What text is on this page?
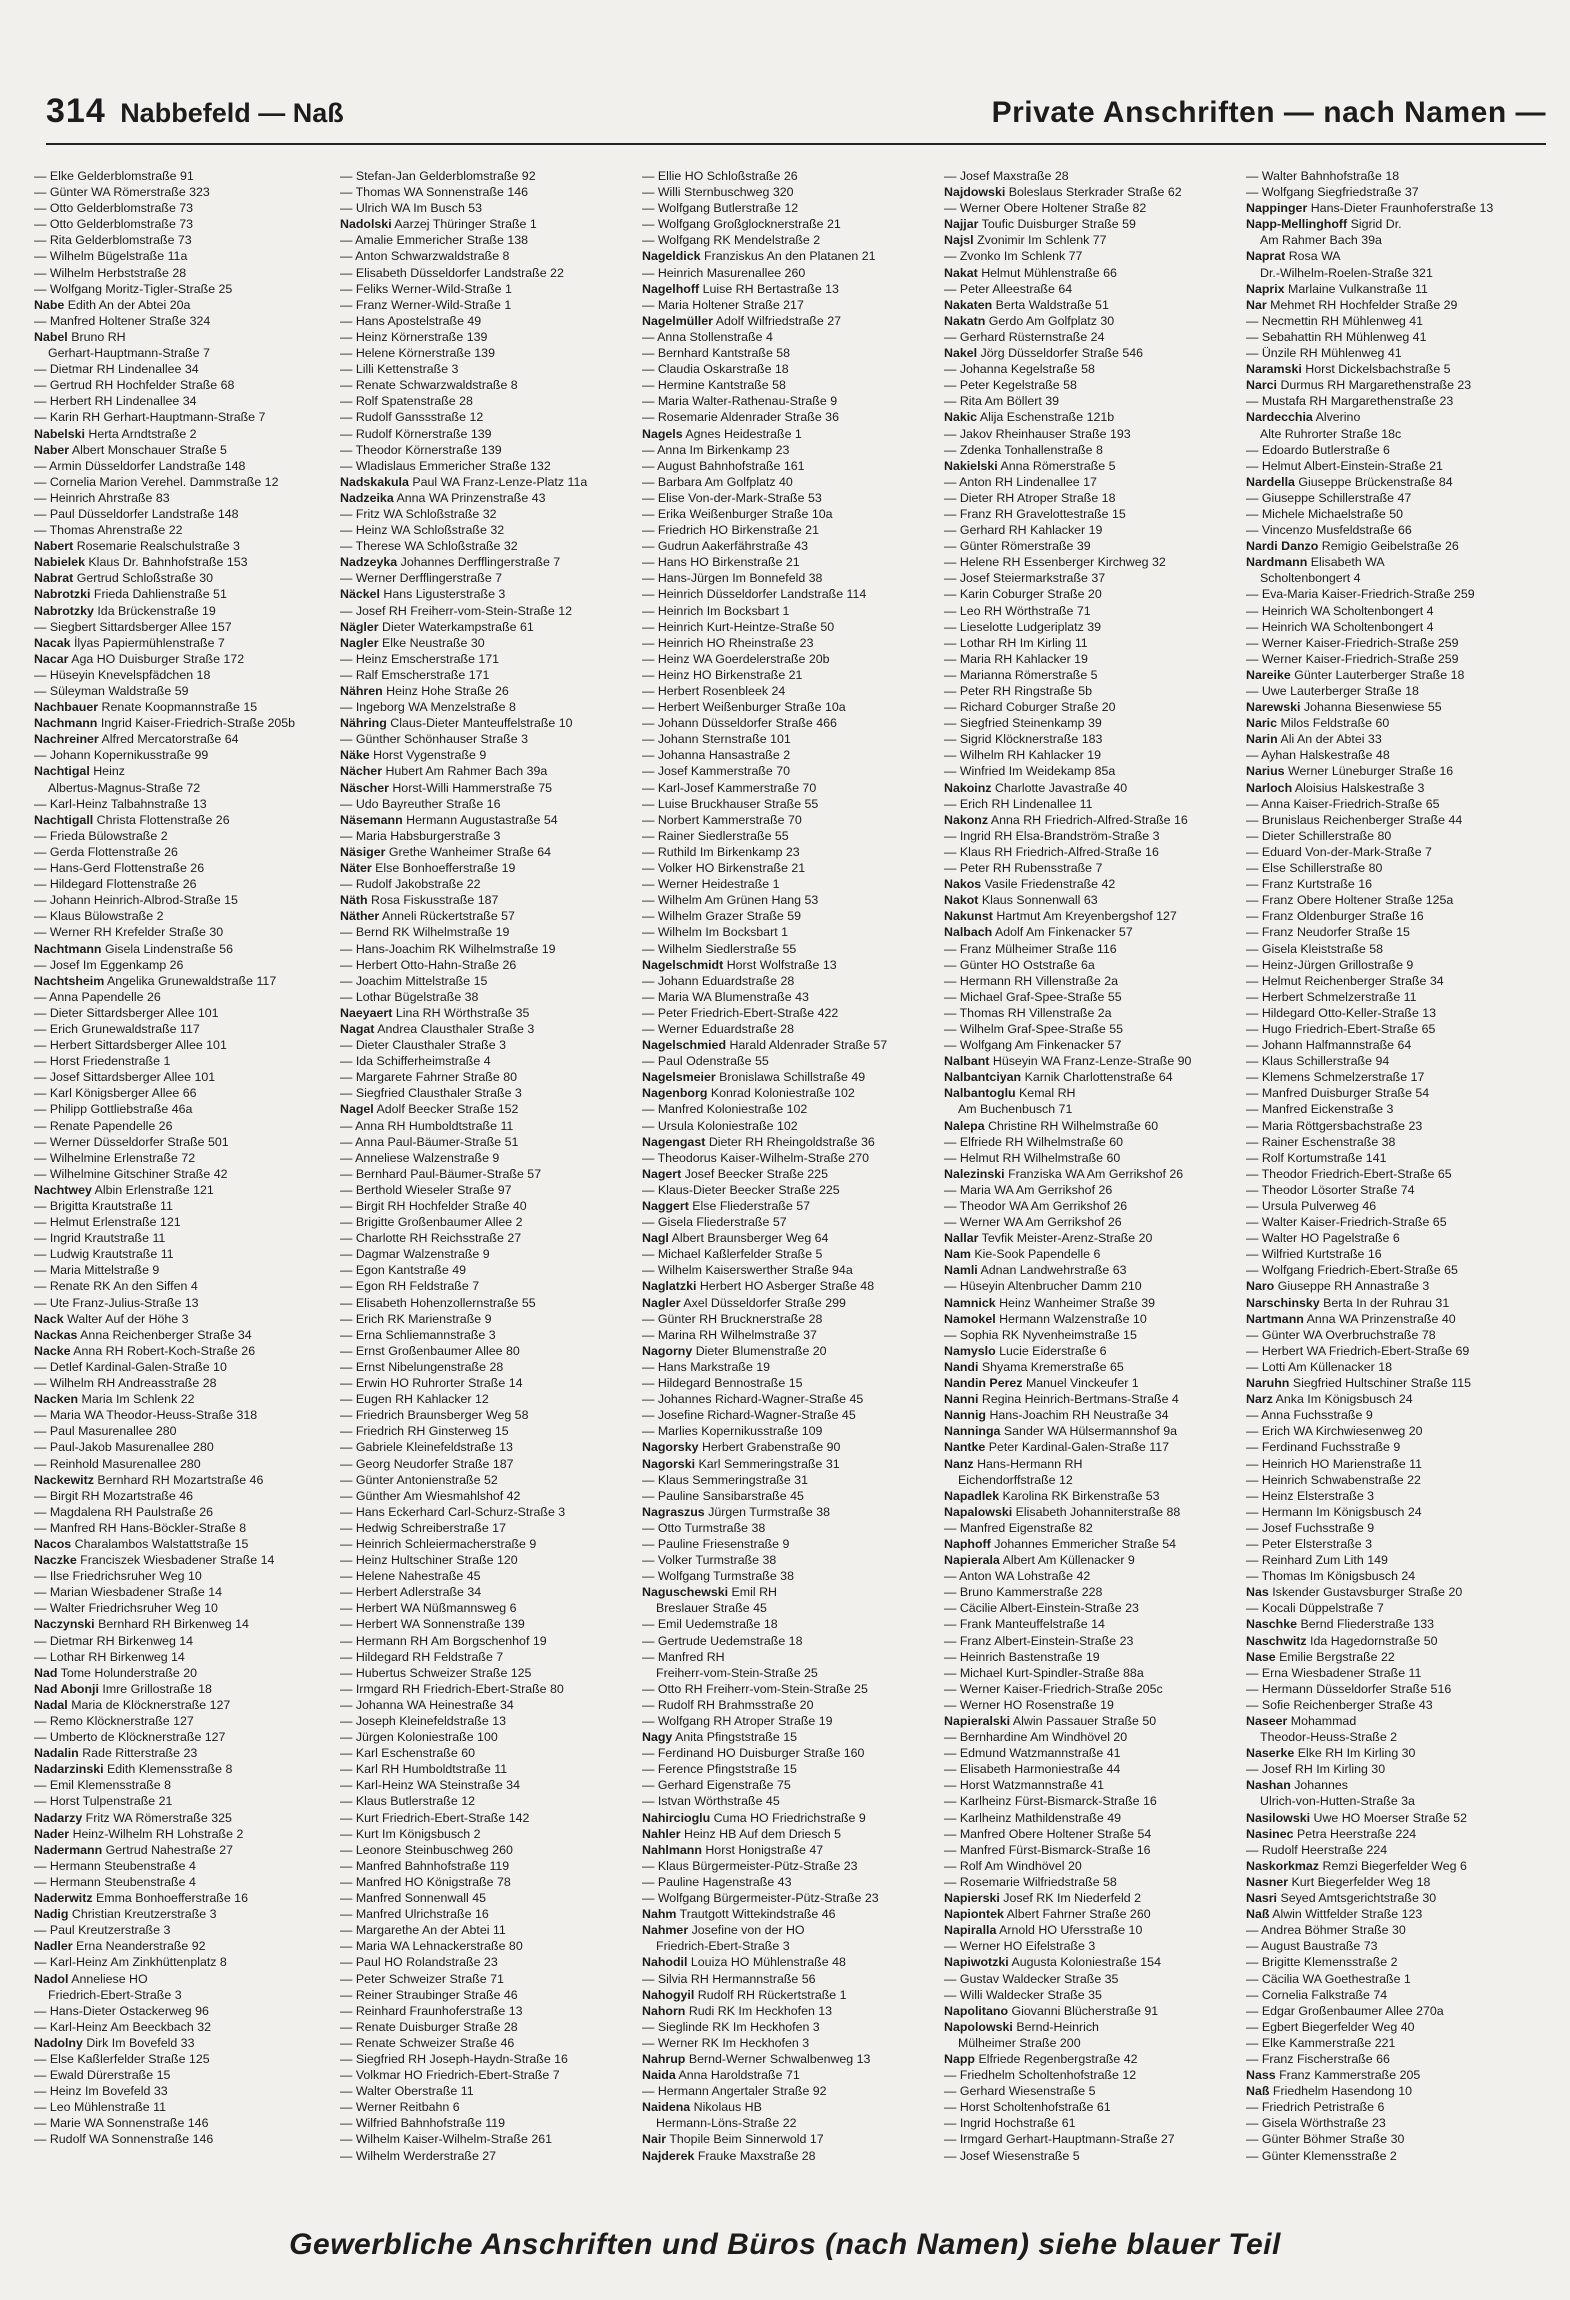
314 Nabbefeld — Naß	Private Anschriften — nach Namen —
— Elke Gelderblomstraße 91
— Günter WA Römerstraße 323
— Otto Gelderblomstraße 73
— Otto Gelderblomstraße 73
— Rita Gelderblomstraße 73
— Wilhelm Bügelstraße 11a
— Wilhelm Herbststraße 28
— Wolfgang Moritz-Tigler-Straße 25
Nabe Edith An der Abtei 20a
— Manfred Holtener Straße 324
Nabel Bruno RH
Gerhart-Hauptmann-Straße 7
— Dietmar RH Lindenallee 34
— Gertrud RH Hochfelder Straße 68
— Herbert RH Lindenallee 34
— Karin RH Gerhart-Hauptmann-Straße 7
Nabelski Herta Arndtstraße 2
Naber Albert Monschauer Straße 5
— Armin Düsseldorfer Landstraße 148
— Cornelia Marion Verehel. Dammstraße 12
— Heinrich Ahrstraße 83
— Paul Düsseldorfer Landstraße 148
— Thomas Ahrenstraße 22
Nabert Rosemarie Realschulstraße 3
Nabielek Klaus Dr. Bahnhofstraße 153
Nabrat Gertrud Schloßstraße 30
Nabrotzki Frieda Dahlienstraße 51
Nabrotzky Ida Brückenstraße 19
— Siegbert Sittardsberger Allee 157
Nacak İlyas Papiermühlenstraße 7
Nacar Aga HO Duisburger Straße 172
— Hüseyin Knevelspfädchen 18
— Süleyman Waldstraße 59
Nachbauer Renate Koopmannstraße 15
Nachmann Ingrid Kaiser-Friedrich-Straße 205b
Nachreiner Alfred Mercatorstraße 64
— Johann Kopernikusstraße 99
Nachtigal Heinz
Albertus-Magnus-Straße 72
— Karl-Heinz Talbahnstraße 13
Nachtigall Christa Flottenstraße 26
— Frieda Bülowstraße 2
— Gerda Flottenstraße 26
— Hans-Gerd Flottenstraße 26
— Hildegard Flottenstraße 26
— Johann Heinrich-Albrod-Straße 15
— Klaus Bülowstraße 2
— Werner RH Krefelder Straße 30
Nachtmann Gisela Lindenstraße 56
— Josef Im Eggenkamp 26
Nachtsheim Angelika Grunewaldstraße 117
— Anna Papendelle 26
— Dieter Sittardsberger Allee 101
— Erich Grunewaldstraße 117
— Herbert Sittardsberger Allee 101
— Horst Friedenstraße 1
— Josef Sittardsberger Allee 101
— Karl Königsberger Allee 66
— Philipp Gottliebstraße 46a
— Renate Papendelle 26
— Werner Düsseldorfer Straße 501
— Wilhelmine Erlenstraße 72
— Wilhelmine Gitschiner Straße 42
Nachtwey Albin Erlenstraße 121
— Brigitta Krautstraße 11
— Helmut Erlenstraße 121
— Ingrid Krautstraße 11
— Ludwig Krautstraße 11
— Maria Mittelstraße 9
— Renate RK An den Siffen 4
— Ute Franz-Julius-Straße 13
Nack Walter Auf der Höhe 3
Nackas Anna Reichenberger Straße 34
Nacke Anna RH Robert-Koch-Straße 26
— Detlef Kardinal-Galen-Straße 10
— Wilhelm RH Andreasstraße 28
Nacken Maria Im Schlenk 22
— Maria WA Theodor-Heuss-Straße 318
— Paul Masurenallee 280
— Paul-Jakob Masurenallee 280
— Reinhold Masurenallee 280
Nackewitz Bernhard RH Mozartstraße 46
— Birgit RH Mozartstraße 46
— Magdalena RH Paulstraße 26
— Manfred RH Hans-Böckler-Straße 8
Nacos Charalambos Walstattstraße 15
Naczke Franciszek Wiesbadener Straße 14
— Ilse Friedrichsruher Weg 10
— Marian Wiesbadener Straße 14
— Walter Friedrichsruher Weg 10
Naczynski Bernhard RH Birkenweg 14
— Dietmar RH Birkenweg 14
— Lothar RH Birkenweg 14
Nad Tome Holunderstraße 20
Nad Abonji Imre Grillostraße 18
Nadal Maria de Klöcknerstraße 127
— Remo Klöcknerstraße 127
— Umberto de Klöcknerstraße 127
Nadalin Rade Ritterstraße 23
Nadarzinski Edith Klemensstraße 8
— Emil Klemensstraße 8
— Horst Tulpenstraße 21
Nadarzy Fritz WA Römerstraße 325
Nader Heinz-Wilhelm RH Lohstraße 2
Nadermann Gertrud Nahestraße 27
— Hermann Steubenstraße 4
— Hermann Steubenstraße 4
Naderwitz Emma Bonhoefferstraße 16
Nadig Christian Kreutzerstraße 3
— Paul Kreutzerstraße 3
Nadler Erna Neanderstraße 92
— Karl-Heinz Am Zinkhüttenplatz 8
Nadol Anneliese HO
Friedrich-Ebert-Straße 3
— Hans-Dieter Ostackerweg 96
— Karl-Heinz Am Beeckbach 32
Nadolny Dirk Im Bovefeld 33
— Else Kaßlerfelder Straße 125
— Ewald Dürerstraße 15
— Heinz Im Bovefeld 33
— Leo Mühlenstraße 11
— Marie WA Sonnenstraße 146
— Rudolf WA Sonnenstraße 146
— Stefan-Jan Gelderblomstraße 92
— Thomas WA Sonnenstraße 146
— Ulrich WA Im Busch 53
Nadolski Aarzej Thüringer Straße 1
— Amalie Emmericher Straße 138
— Anton Schwarzwaldstraße 8
— Elisabeth Düsseldorfer Landstraße 22
— Feliks Werner-Wild-Straße 1
— Franz Werner-Wild-Straße 1
— Hans Apostelstraße 49
— Heinz Körnerstraße 139
— Helene Körnerstraße 139
— Lilli Kettenstraße 3
— Renate Schwarzwaldstraße 8
— Rolf Spatenstraße 28
— Rudolf Ganssstraße 12
— Rudolf Körnerstraße 139
— Theodor Körnerstraße 139
— Wladislaus Emmericher Straße 132
Nadskakula Paul WA Franz-Lenze-Platz 11a
Nadzeika Anna WA Prinzenstraße 43
— Fritz WA Schloßstraße 32
— Heinz WA Schloßstraße 32
— Therese WA Schloßstraße 32
Nadzeyka Johannes Derfflingerstraße 7
— Werner Derfflingerstraße 7
Näckel Hans Ligusterstraße 3
— Josef RH Freiherr-vom-Stein-Straße 12
Nägler Dieter Waterkampstraße 61
Nagler Elke Neustraße 30
— Heinz Emscherstraße 171
— Ralf Emscherstraße 171
Nähren Heinz Hohe Straße 26
— Ingeborg WA Menzelstraße 8
Nähring Claus-Dieter Manteuffelstraße 10
— Günther Schönhauser Straße 3
Näke Horst Vygenstraße 9
Nächer Hubert Am Rahmer Bach 39a
Näscher Horst-Willi Hammerstraße 75
— Udo Bayreuther Straße 16
Näsemann Hermann Augustastraße 54
— Maria Habsburgerstraße 3
Näsiger Grethe Wanheimer Straße 64
Näter Else Bonhoefferstraße 19
— Rudolf Jakobstraße 22
Näth Rosa Fiskusstraße 187
Näther Anneli Rückertstraße 57
— Bernd RK Wilhelmstraße 19
— Hans-Joachim RK Wilhelmstraße 19
— Herbert Otto-Hahn-Straße 26
— Joachim Mittelstraße 15
— Lothar Bügelstraße 38
Naeyaert Lina RH Wörthstraße 35
Nagat Andrea Clausthaler Straße 3
— Dieter Clausthaler Straße 3
— Ida Schifferheimstraße 4
— Margarete Fahrner Straße 80
— Siegfried Clausthaler Straße 3
Nagel Adolf Beecker Straße 152
— Anna RH Humboldtstraße 11
— Anna Paul-Bäumer-Straße 51
— Anneliese Walzenstraße 9
— Bernhard Paul-Bäumer-Straße 57
— Berthold Wieseler Straße 97
— Birgit RH Hochfelder Straße 40
— Brigitte Großenbaumer Allee 2
— Charlotte RH Reichsstraße 27
— Dagmar Walzenstraße 9
— Egon Kantstraße 49
— Egon RH Feldstraße 7
— Elisabeth Hohenzollernstraße 55
— Erich RK Marienstraße 9
— Erna Schliemannstraße 3
— Ernst Großenbaumer Allee 80
— Ernst Nibelungenstraße 28
— Erwin HO Ruhrorter Straße 14
— Eugen RH Kahlacker 12
— Friedrich Braunsberger Weg 58
— Friedrich RH Ginsterweg 15
— Gabriele Kleinefeldstraße 13
— Georg Neudorfer Straße 187
— Günter Antonienstraße 52
— Günther Am Wiesmahlshof 42
— Hans Eckerhard Carl-Schurz-Straße 3
— Hedwig Schreiberstraße 17
— Heinrich Schleiermacherstraße 9
— Heinz Hultschiner Straße 120
— Helene Nahestraße 45
— Herbert Adlerstraße 34
— Herbert WA Nüßmannsweg 6
— Herbert WA Sonnenstraße 139
— Hermann RH Am Borgschenhof 19
— Hildegard RH Feldstraße 7
— Hubertus Schweizer Straße 125
— Irmgard RH Friedrich-Ebert-Straße 80
— Johanna WA Heinestraße 34
— Joseph Kleinefeldstraße 13
— Jürgen Koloniestraße 100
— Karl Eschenstraße 60
— Karl RH Humboldtstraße 11
— Karl-Heinz WA Steinstraße 34
— Klaus Butlerstraße 12
— Kurt Friedrich-Ebert-Straße 142
— Kurt Im Königsbusch 2
— Leonore Steinbuschweg 260
— Manfred Bahnhofstraße 119
— Manfred HO Königstraße 78
— Manfred Sonnenwall 45
— Manfred Ulrichstraße 16
— Margarethe An der Abtei 11
— Maria WA Lehnackerstraße 80
— Paul HO Rolandstraße 23
— Peter Schweizer Straße 71
— Reiner Straubinger Straße 46
— Reinhard Fraunhoferstraße 13
— Renate Duisburger Straße 28
— Renate Schweizer Straße 46
— Siegfried RH Joseph-Haydn-Straße 16
— Volkmar HO Friedrich-Ebert-Straße 7
— Walter Oberstraße 11
— Werner Reitbahn 6
— Wilfried Bahnhofstraße 119
— Wilhelm Kaiser-Wilhelm-Straße 261
— Wilhelm Werderstraße 27
— Ellie HO Schloßstraße 26
— Willi Sternbuschweg 320
— Wolfgang Butlerstraße 12
— Wolfgang Großglocknerstraße 21
— Wolfgang RK Mendelstraße 2
Nageldick Franziskus An den Platanen 21
— Heinrich Masurenallee 260
Nagelhoff Luise RH Bertastraße 13
— Maria Holtener Straße 217
Nagelmüller Adolf Wilfriedstraße 27
— Anna Stollenstraße 4
— Bernhard Kantstraße 58
— Claudia Oskarstraße 18
— Hermine Kantstraße 58
— Maria Walter-Rathenau-Straße 9
— Rosemarie Aldenrader Straße 36
Nagels Agnes Heidestraße 1
— Anna Im Birkenkamp 23
— August Bahnhofstraße 161
— Barbara Am Golfplatz 40
— Elise Von-der-Mark-Straße 53
— Erika Weißenburger Straße 10a
— Friedrich HO Birkenstraße 21
— Gudrun Aakerfährstraße 43
— Hans HO Birkenstraße 21
— Hans-Jürgen Im Bonnefeld 38
— Heinrich Düsseldorfer Landstraße 114
— Heinrich Im Bocksbart 1
— Heinrich Kurt-Heintze-Straße 50
— Heinrich HO Rheinstraße 23
— Heinz WA Goerdelerstraße 20b
— Heinz HO Birkenstraße 21
— Herbert Rosenbleek 24
— Herbert Weißenburger Straße 10a
— Johann Düsseldorfer Straße 466
— Johann Sternstraße 101
— Johanna Hansastraße 2
— Josef Kammerstraße 70
— Karl-Josef Kammerstraße 70
— Luise Bruckhauser Straße 55
— Norbert Kammerstraße 70
— Rainer Siedlerstraße 55
— Ruthild Im Birkenkamp 23
— Volker HO Birkenstraße 21
— Werner Heidestraße 1
— Wilhelm Am Grünen Hang 53
— Wilhelm Grazer Straße 59
— Wilhelm Im Bocksbart 1
— Wilhelm Siedlerstraße 55
Nagelschmidt Horst Wolfstraße 13
— Johann Eduardstraße 28
— Maria WA Blumenstraße 43
— Peter Friedrich-Ebert-Straße 422
— Werner Eduardstraße 28
Nagelschmied Harald Aldenrader Straße 57
— Paul Odenstraße 55
Nagelsmeier Bronislawa Schillstraße 49
Nagenborg Konrad Koloniestraße 102
— Manfred Koloniestraße 102
— Ursula Koloniestraße 102
Nagengast Dieter RH Rheingoldstraße 36
— Theodorus Kaiser-Wilhelm-Straße 270
Nagert Josef Beecker Straße 225
— Klaus-Dieter Beecker Straße 225
Naggert Else Fliederstraße 57
— Gisela Fliederstraße 57
Nagl Albert Braunsberger Weg 64
— Michael Kaßlerfelder Straße 5
— Wilhelm Kaiserswerther Straße 94a
Naglatzki Herbert HO Asberger Straße 48
Nagler Axel Düsseldorfer Straße 299
— Günter RH Brucknerstraße 28
— Marina RH Wilhelmstraße 37
Nagorny Dieter Blumenstraße 20
— Hans Markstraße 19
— Hildegard Bennostraße 15
— Johannes Richard-Wagner-Straße 45
— Josefine Richard-Wagner-Straße 45
— Marlies Kopernikusstraße 109
Nagorsky Herbert Grabenstraße 90
Nagorski Karl Semmeringstraße 31
— Klaus Semmeringstraße 31
— Pauline Sansibarstraße 45
Nagraszus Jürgen Turmstraße 38
— Otto Turmstraße 38
— Pauline Friesenstraße 9
— Volker Turmstraße 38
— Wolfgang Turmstraße 38
Naguschewski Emil RH
Breslauer Straße 45
— Emil Uedemstraße 18
— Gertrude Uedemstraße 18
— Manfred RH
Freiherr-vom-Stein-Straße 25
— Otto RH Freiherr-vom-Stein-Straße 25
— Rudolf RH Brahmsstraße 20
— Wolfgang RH Atroper Straße 19
Nagy Anita Pfingststraße 15
— Ferdinand HO Duisburger Straße 160
— Ference Pfingststraße 15
— Gerhard Eigenstraße 75
— Istvan Wörthstraße 45
Nahircioglu Cuma HO Friedrichstraße 9
Nahler Heinz HB Auf dem Driesch 5
Nahlmann Horst Honigstraße 47
— Klaus Bürgermeister-Pütz-Straße 23
— Pauline Hagenstraße 43
— Wolfgang Bürgermeister-Pütz-Straße 23
Nahm Trautgott Wittekindstraße 46
Nahmer Josefine von der HO
Friedrich-Ebert-Straße 3
Nahodil Louiza HO Mühlenstraße 48
— Silvia RH Hermannstraße 56
Nahogyil Rudolf RH Rückertstraße 1
Nahorn Rudi RK Im Heckhofen 13
— Sieglinde RK Im Heckhofen 3
— Werner RK Im Heckhofen 3
Nahrup Bernd-Werner Schwalbenweg 13
Naida Anna Haroldstraße 71
— Hermann Angertaler Straße 92
Naidena Nikolaus HB
Hermann-Löns-Straße 22
Nair Thopile Beim Sinnerwold 17
Najderek Frauke Maxstraße 28
— Josef Maxstraße 28
Najdowski Boleslaus Sterkrader Straße 62
— Werner Obere Holtener Straße 82
Najjar Toufic Duisburger Straße 59
Najsl Zvonimir Im Schlenk 77
— Zvonko Im Schlenk 77
Nakat Helmut Mühlenstraße 66
— Peter Alleestraße 64
Nakaten Berta Waldstraße 51
Nakatn Gerdo Am Golfplatz 30
— Gerhard Rüsternstraße 24
Nakel Jörg Düsseldorfer Straße 546
— Johanna Kegelstraße 58
— Peter Kegelstraße 58
— Rita Am Böllert 39
Nakic Alija Eschenstraße 121b
— Jakov Rheinhauser Straße 193
— Zdenka Tonhallenstraße 8
Nakielski Anna Römerstraße 5
— Anton RH Lindenallee 17
— Dieter RH Atroper Straße 18
— Franz RH Gravelottestraße 15
— Gerhard RH Kahlacker 19
— Günter Römerstraße 39
— Helene RH Essenberger Kirchweg 32
— Josef Steiermarkstraße 37
— Karin Coburger Straße 20
— Leo RH Wörthstraße 71
— Lieselotte Ludgeriplatz 39
— Lothar RH Im Kirling 11
— Maria RH Kahlacker 19
— Marianna Römerstraße 5
— Peter RH Ringstraße 5b
— Richard Coburger Straße 20
— Siegfried Steinenkamp 39
— Sigrid Klöcknerstraße 183
— Wilhelm RH Kahlacker 19
— Winfried Im Weidekamp 85a
Nakoinz Charlotte Javastraße 40
— Erich RH Lindenallee 11
Nakonz Anna RH Friedrich-Alfred-Straße 16
— Ingrid RH Elsa-Brandström-Straße 3
— Klaus RH Friedrich-Alfred-Straße 16
— Peter RH Rubensstraße 7
Nakos Vasile Friedenstraße 42
Nakot Klaus Sonnenwall 63
Nakunst Hartmut Am Kreyenbergshof 127
Nalbach Adolf Am Finkenacker 57
— Franz Mülheimer Straße 116
— Günter HO Oststraße 6a
— Hermann RH Villenstraße 2a
— Michael Graf-Spee-Straße 55
— Thomas RH Villenstraße 2a
— Wilhelm Graf-Spee-Straße 55
— Wolfgang Am Finkenacker 57
Nalbant Hüseyin WA Franz-Lenze-Straße 90
Nalbantciyan Karnik Charlottenstraße 64
Nalbantoglu Kemal RH
Am Buchenbusch 71
Nalepa Christine RH Wilhelmstraße 60
— Elfriede RH Wilhelmstraße 60
— Helmut RH Wilhelmstraße 60
Nalezinski Franziska WA Am Gerrikshof 26
— Maria WA Am Gerrikshof 26
— Theodor WA Am Gerrikshof 26
— Werner WA Am Gerrikshof 26
Nallar Tevfik Meister-Arenz-Straße 20
Nam Kie-Sook Papendelle 6
Namli Adnan Landwehrstraße 63
— Hüseyin Altenbrucher Damm 210
Namnick Heinz Wanheimer Straße 39
Namokel Hermann Walzenstraße 10
— Sophia RK Nyvenheimstraße 15
Namyslo Lucie Eiderstraße 6
Nandi Shyama Kremerstraße 65
Nandin Perez Manuel Vinckeufer 1
Nanni Regina Heinrich-Bertmans-Straße 4
Nannig Hans-Joachim RH Neustraße 34
Nanninga Sander WA Hülsermannshof 9a
Nantke Peter Kardinal-Galen-Straße 117
Nanz Hans-Hermann RH
Eichendorffstraße 12
Napadlek Karolina RK Birkenstraße 53
Napalowski Elisabeth Johanniterstraße 88
— Manfred Eigenstraße 82
Naphoff Johannes Emmericher Straße 54
Napierala Albert Am Küllenacker 9
— Anton WA Lohstraße 42
— Bruno Kammerstraße 228
— Cäcilie Albert-Einstein-Straße 23
— Frank Manteuffelstraße 14
— Franz Albert-Einstein-Straße 23
— Heinrich Bastenstraße 19
— Michael Kurt-Spindler-Straße 88a
— Werner Kaiser-Friedrich-Straße 205c
— Werner HO Rosenstraße 19
Napieralski Alwin Passauer Straße 50
— Bernhardine Am Windhövel 20
— Edmund Watzmannstraße 41
— Elisabeth Harmoniestraße 44
— Horst Watzmannstraße 41
— Karlheinz Fürst-Bismarck-Straße 16
— Karlheinz Mathildenstraße 49
— Manfred Obere Holtener Straße 54
— Manfred Fürst-Bismarck-Straße 16
— Rolf Am Windhövel 20
— Rosemarie Wilfriedstraße 58
Napierski Josef RK Im Niederfeld 2
Napiontek Albert Fahrner Straße 260
Napiralla Arnold HO Ufersstraße 10
— Werner HO Eifelstraße 3
Napiwotzki Augusta Koloniestraße 154
— Gustav Waldecker Straße 35
— Willi Waldecker Straße 35
Napolitano Giovanni Blücherstraße 91
Napolowski Bernd-Heinrich
Mülheimer Straße 200
Napp Elfriede Regenbergstraße 42
— Friedhelm Scholtenhofstraße 12
— Gerhard Wiesenstraße 5
— Horst Scholtenhofstraße 61
— Ingrid Hochstraße 61
— Irmgard Gerhart-Hauptmann-Straße 27
— Josef Wiesenstraße 5
— Walter Bahnhofstraße 18
— Wolfgang Siegfriedstraße 37
Nappinger Hans-Dieter Fraunhoferstraße 13
Napp-Mellinghoff Sigrid Dr.
Am Rahmer Bach 39a
Naprat Rosa WA
Dr.-Wilhelm-Roelen-Straße 321
Naprix Marlaine Vulkanstraße 11
Nar Mehmet RH Hochfelder Straße 29
— Necmettin RH Mühlenweg 41
— Sebahattin RH Mühlenweg 41
— Ünzile RH Mühlenweg 41
Naramski Horst Dickelsbachstraße 5
Narci Durmus RH Margarethenstraße 23
— Mustafa RH Margarethenstraße 23
Nardecchia Alverino
Alte Ruhrorter Straße 18c
— Edoardo Butlerstraße 6
— Helmut Albert-Einstein-Straße 21
Nardella Giuseppe Brückenstraße 84
— Giuseppe Schillerstraße 47
— Michele Michaelstraße 50
— Vincenzo Musfeldstraße 66
Nardi Danzo Remigio Geibelstraße 26
Nardmann Elisabeth WA
Scholtenbongert 4
— Eva-Maria Kaiser-Friedrich-Straße 259
— Heinrich WA Scholtenbongert 4
— Heinrich WA Scholtenbongert 4
— Werner Kaiser-Friedrich-Straße 259
— Werner Kaiser-Friedrich-Straße 259
Nareike Günter Lauterberger Straße 18
— Uwe Lauterberger Straße 18
Narewski Johanna Biesenwiese 55
Naric Milos Feldstraße 60
Narin Ali An der Abtei 33
— Ayhan Halskestraße 48
Narius Werner Lüneburger Straße 16
Narloch Aloisius Halskestraße 3
— Anna Kaiser-Friedrich-Straße 65
— Brunislaus Reichenberger Straße 44
— Dieter Schillerstraße 80
— Eduard Von-der-Mark-Straße 7
— Else Schillerstraße 80
— Franz Kurtstraße 16
— Franz Obere Holtener Straße 125a
— Franz Oldenburger Straße 16
— Franz Neudorfer Straße 15
— Gisela Kleiststraße 58
— Heinz-Jürgen Grillostraße 9
— Helmut Reichenberger Straße 34
— Herbert Schmelzerstraße 11
— Hildegard Otto-Keller-Straße 13
— Hugo Friedrich-Ebert-Straße 65
— Johann Halfmannstraße 64
— Klaus Schillerstraße 94
— Klemens Schmelzerstraße 17
— Manfred Duisburger Straße 54
— Manfred Eickenstraße 3
— Maria Röttgersbachstraße 23
— Rainer Eschenstraße 38
— Rolf Kortumstraße 141
— Theodor Friedrich-Ebert-Straße 65
— Theodor Lösorter Straße 74
— Ursula Pulverweg 46
— Walter Kaiser-Friedrich-Straße 65
— Walter HO Pagelstraße 6
— Wilfried Kurtstraße 16
— Wolfgang Friedrich-Ebert-Straße 65
Naro Giuseppe RH Annastraße 3
Narschinsky Berta In der Ruhrau 31
Nartmann Anna WA Prinzenstraße 40
— Günter WA Overbruchstraße 78
— Herbert WA Friedrich-Ebert-Straße 69
— Lotti Am Küllenacker 18
Naruhn Siegfried Hultschiner Straße 115
Narz Anka Im Königsbusch 24
— Anna Fuchsstraße 9
— Erich WA Kirchwiesenweg 20
— Ferdinand Fuchsstraße 9
— Heinrich HO Marienstraße 11
— Heinrich Schwabenstraße 22
— Heinz Elsterstraße 3
— Hermann Im Königsbusch 24
— Josef Fuchsstraße 9
— Peter Elsterstraße 3
— Reinhard Zum Lith 149
— Thomas Im Königsbusch 24
Nas Iskender Gustavsburger Straße 20
— Kocali Düppelstraße 7
Naschke Bernd Fliederstraße 133
Naschwitz Ida Hagedornstraße 50
Nase Emilie Bergstraße 22
— Erna Wiesbadener Straße 11
— Hermann Düsseldorfer Straße 516
— Sofie Reichenberger Straße 43
Naseer Mohammad
Theodor-Heuss-Straße 2
Naserke Elke RH Im Kirling 30
— Josef RH Im Kirling 30
Nashan Johannes
Ulrich-von-Hutten-Straße 3a
Nasilowski Uwe HO Moerser Straße 52
Nasinec Petra Heerstraße 224
— Rudolf Heerstraße 224
Naskorkmaz Remzi Biegerfelder Weg 6
Nasner Kurt Biegerfelder Weg 18
Nasri Seyed Amtsgerichtstraße 30
Naß Alwin Wittfelder Straße 123
— Andrea Böhmer Straße 30
— August Baustraße 73
— Brigitte Klemensstraße 2
— Cäcilia WA Goethestraße 1
— Cornelia Falkstraße 74
— Edgar Großenbaumer Allee 270a
— Egbert Biegerfelder Weg 40
— Elke Kammerstraße 221
— Franz Fischerstraße 66
Nass Franz Kammerstraße 205
Naß Friedhelm Hasendong 10
— Friedrich Petristraße 6
— Gisela Wörthstraße 23
— Günter Böhmer Straße 30
— Günter Klemensstraße 2
Gewerbliche Anschriften und Büros (nach Namen) siehe blauer Teil
